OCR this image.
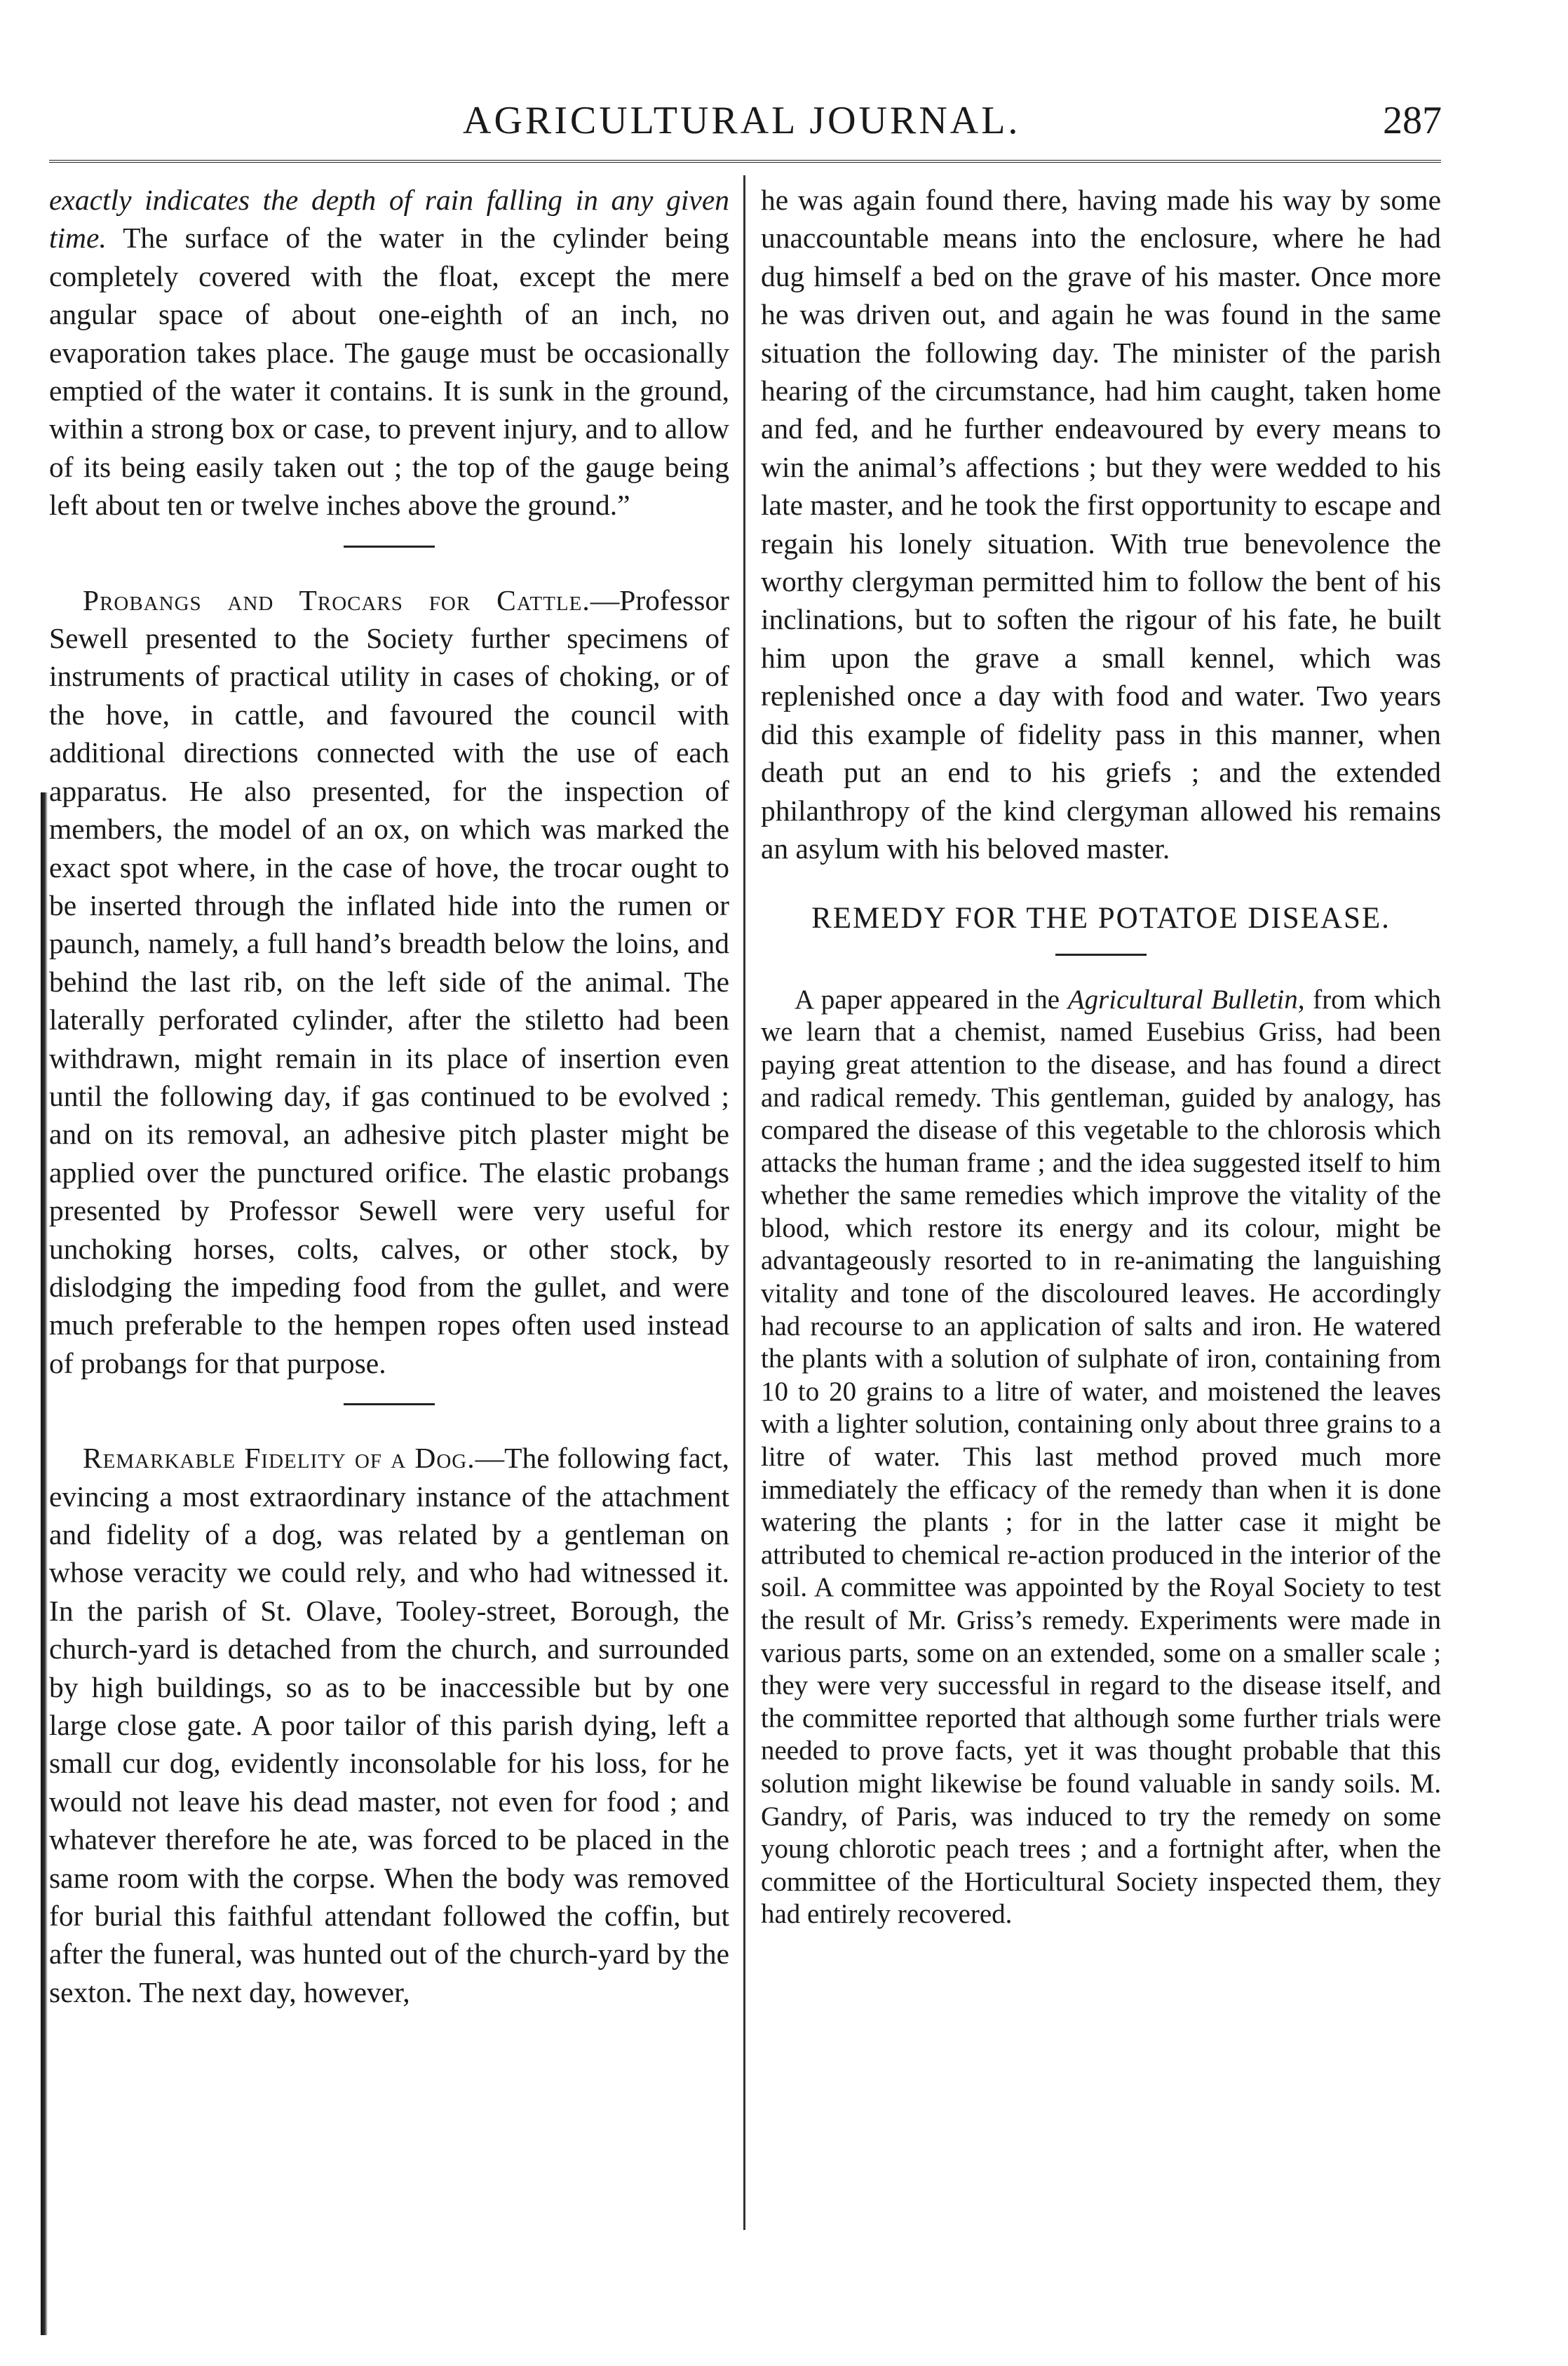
AGRICULTURAL JOURNAL.	287

exactly indicates the depth of rain falling in any given time. The surface of the water in the cylinder being completely covered with the float, except the mere angular space of about one-eighth of an inch, no evaporation takes place. The gauge must be occasionally emptied of the water it contains. It is sunk in the ground, within a strong box or case, to prevent injury, and to allow of its being easily taken out ; the top of the gauge being left about ten or twelve inches above the ground.”

Probangs and Trocars for Cattle.—Professor Sewell presented to the Society further specimens of instruments of practical utility in cases of choking, or of the hove, in cattle, and favoured the council with additional directions connected with the use of each apparatus. He also presented, for the inspection of members, the model of an ox, on which was marked the exact spot where, in the case of hove, the trocar ought to be inserted through the inflated hide into the rumen or paunch, namely, a full hand’s breadth below the loins, and behind the last rib, on the left side of the animal. The laterally perforated cylinder, after the stiletto had been withdrawn, might remain in its place of insertion even until the following day, if gas continued to be evolved ; and on its removal, an adhesive pitch plaster might be applied over the punctured orifice. The elastic probangs presented by Professor Sewell were very useful for unchoking horses, colts, calves, or other stock, by dislodging the impeding food from the gullet, and were much preferable to the hempen ropes often used instead of probangs for that purpose.

Remarkable Fidelity of a Dog.—The following fact, evincing a most extraordinary instance of the attachment and fidelity of a dog, was related by a gentleman on whose veracity we could rely, and who had witnessed it. In the parish of St. Olave, Tooley-street, Borough, the church-yard is detached from the church, and surrounded by high buildings, so as to be inaccessible but by one large close gate. A poor tailor of this parish dying, left a small cur dog, evidently inconsolable for his loss, for he would not leave his dead master, not even for food ; and whatever therefore he ate, was forced to be placed in the same room with the corpse. When the body was removed for burial this faithful attendant followed the coffin, but after the funeral, was hunted out of the church-yard by the sexton. The next day, however,

he was again found there, having made his way by some unaccountable means into the enclosure, where he had dug himself a bed on the grave of his master. Once more he was driven out, and again he was found in the same situation the following day. The minister of the parish hearing of the circumstance, had him caught, taken home and fed, and he further endeavoured by every means to win the animal’s affections ; but they were wedded to his late master, and he took the first opportunity to escape and regain his lonely situation. With true benevolence the worthy clergyman permitted him to follow the bent of his inclinations, but to soften the rigour of his fate, he built him upon the grave a small kennel, which was replenished once a day with food and water. Two years did this example of fidelity pass in this manner, when death put an end to his griefs ; and the extended philanthropy of the kind clergyman allowed his remains an asylum with his beloved master.

REMEDY FOR THE POTATOE DISEASE.

A paper appeared in the Agricultural Bulletin, from which we learn that a chemist, named Eusebius Griss, had been paying great attention to the disease, and has found a direct and radical remedy. This gentleman, guided by analogy, has compared the disease of this vegetable to the chlorosis which attacks the human frame ; and the idea suggested itself to him whether the same remedies which improve the vitality of the blood, which restore its energy and its colour, might be advantageously resorted to in re-animating the languishing vitality and tone of the discoloured leaves. He accordingly had recourse to an application of salts and iron. He watered the plants with a solution of sulphate of iron, containing from 10 to 20 grains to a litre of water, and moistened the leaves with a lighter solution, containing only about three grains to a litre of water. This last method proved much more immediately the efficacy of the remedy than when it is done watering the plants ; for in the latter case it might be attributed to chemical re-action produced in the interior of the soil. A committee was appointed by the Royal Society to test the result of Mr. Griss’s remedy. Experiments were made in various parts, some on an extended, some on a smaller scale ; they were very successful in regard to the disease itself, and the committee reported that although some further trials were needed to prove facts, yet it was thought probable that this solution might likewise be found valuable in sandy soils. M. Gandry, of Paris, was induced to try the remedy on some young chlorotic peach trees ; and a fortnight after, when the committee of the Horticultural Society inspected them, they had entirely recovered.
